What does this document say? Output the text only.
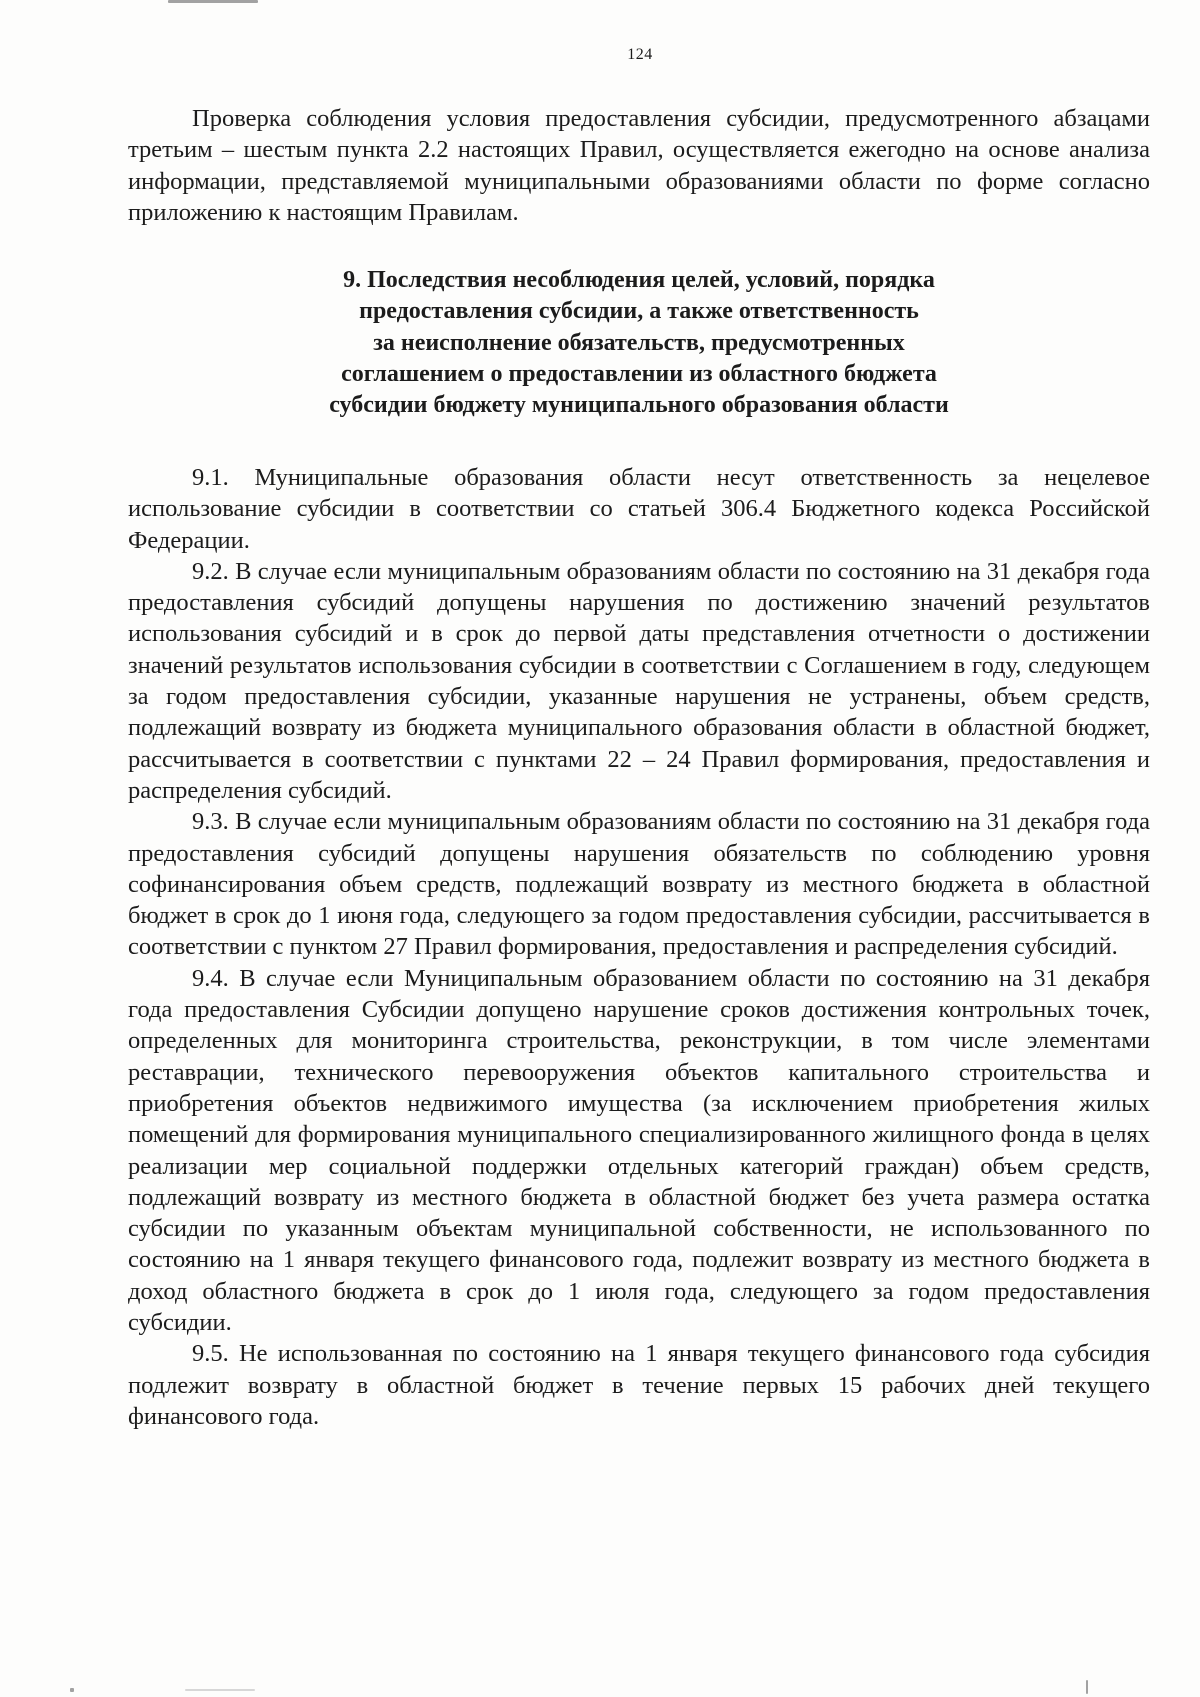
124

Проверка соблюдения условия предоставления субсидии, предусмотренного абзацами третьим – шестым пункта 2.2 настоящих Правил, осуществляется ежегодно на основе анализа информации, представляемой муниципальными образованиями области по форме согласно приложению к настоящим Правилам.

9. Последствия несоблюдения целей, условий, порядка
предоставления субсидии, а также ответственность
за неисполнение обязательств, предусмотренных
соглашением о предоставлении из областного бюджета
субсидии бюджету муниципального образования области

9.1. Муниципальные образования области несут ответственность за нецелевое использование субсидии в соответствии со статьей 306.4 Бюджетного кодекса Российской Федерации.

9.2. В случае если муниципальным образованиям области по состоянию на 31 декабря года предоставления субсидий допущены нарушения по достижению значений результатов использования субсидий и в срок до первой даты представления отчетности о достижении значений результатов использования субсидии в соответствии с Соглашением в году, следующем за годом предоставления субсидии, указанные нарушения не устранены, объем средств, подлежащий возврату из бюджета муниципального образования области в областной бюджет, рассчитывается в соответствии с пунктами 22 – 24 Правил формирования, предоставления и распределения субсидий.

9.3. В случае если муниципальным образованиям области по состоянию на 31 декабря года предоставления субсидий допущены нарушения обязательств по соблюдению уровня софинансирования объем средств, подлежащий возврату из местного бюджета в областной бюджет в срок до 1 июня года, следующего за годом предоставления субсидии, рассчитывается в соответствии с пунктом 27 Правил формирования, предоставления и распределения субсидий.

9.4. В случае если Муниципальным образованием области по состоянию на 31 декабря года предоставления Субсидии допущено нарушение сроков достижения контрольных точек, определенных для мониторинга строительства, реконструкции, в том числе элементами реставрации, технического перевооружения объектов капитального строительства и приобретения объектов недвижимого имущества (за исключением приобретения жилых помещений для формирования муниципального специализированного жилищного фонда в целях реализации мер социальной поддержки отдельных категорий граждан) объем средств, подлежащий возврату из местного бюджета в областной бюджет без учета размера остатка субсидии по указанным объектам муниципальной собственности, не использованного по состоянию на 1 января текущего финансового года, подлежит возврату из местного бюджета в доход областного бюджета в срок до 1 июля года, следующего за годом предоставления субсидии.

9.5. Не использованная по состоянию на 1 января текущего финансового года субсидия подлежит возврату в областной бюджет в течение первых 15 рабочих дней текущего финансового года.
